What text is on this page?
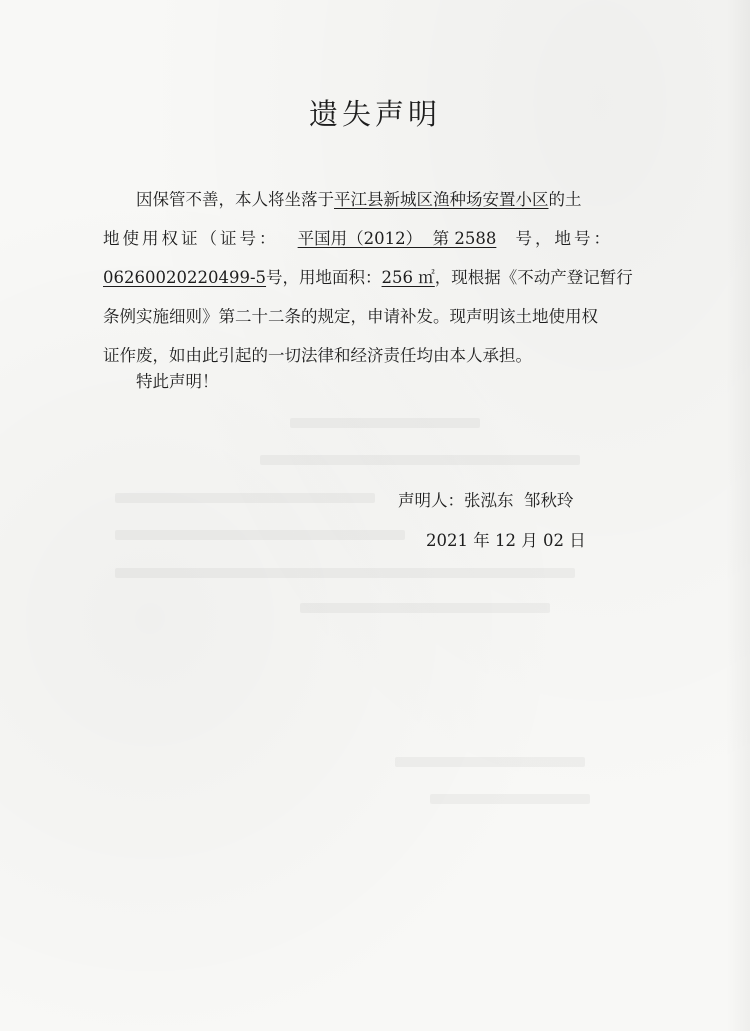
遗失声明
因保管不善，本人将坐落于 平江县新城区渔种场安置小区 的土
地使用权证（证号： 平国用（2012）  第 2588 号，地号：
06260020220499-5号，用地面积：256 ㎡，现根据《不动产登记暂行
条例实施细则》第二十二条的规定，申请补发。现声明该土地使用权
证作废，如由此引起的一切法律和经济责任均由本人承担。
特此声明！
声明人：张泓东  邹秋玲
2021 年 12 月 02 日
